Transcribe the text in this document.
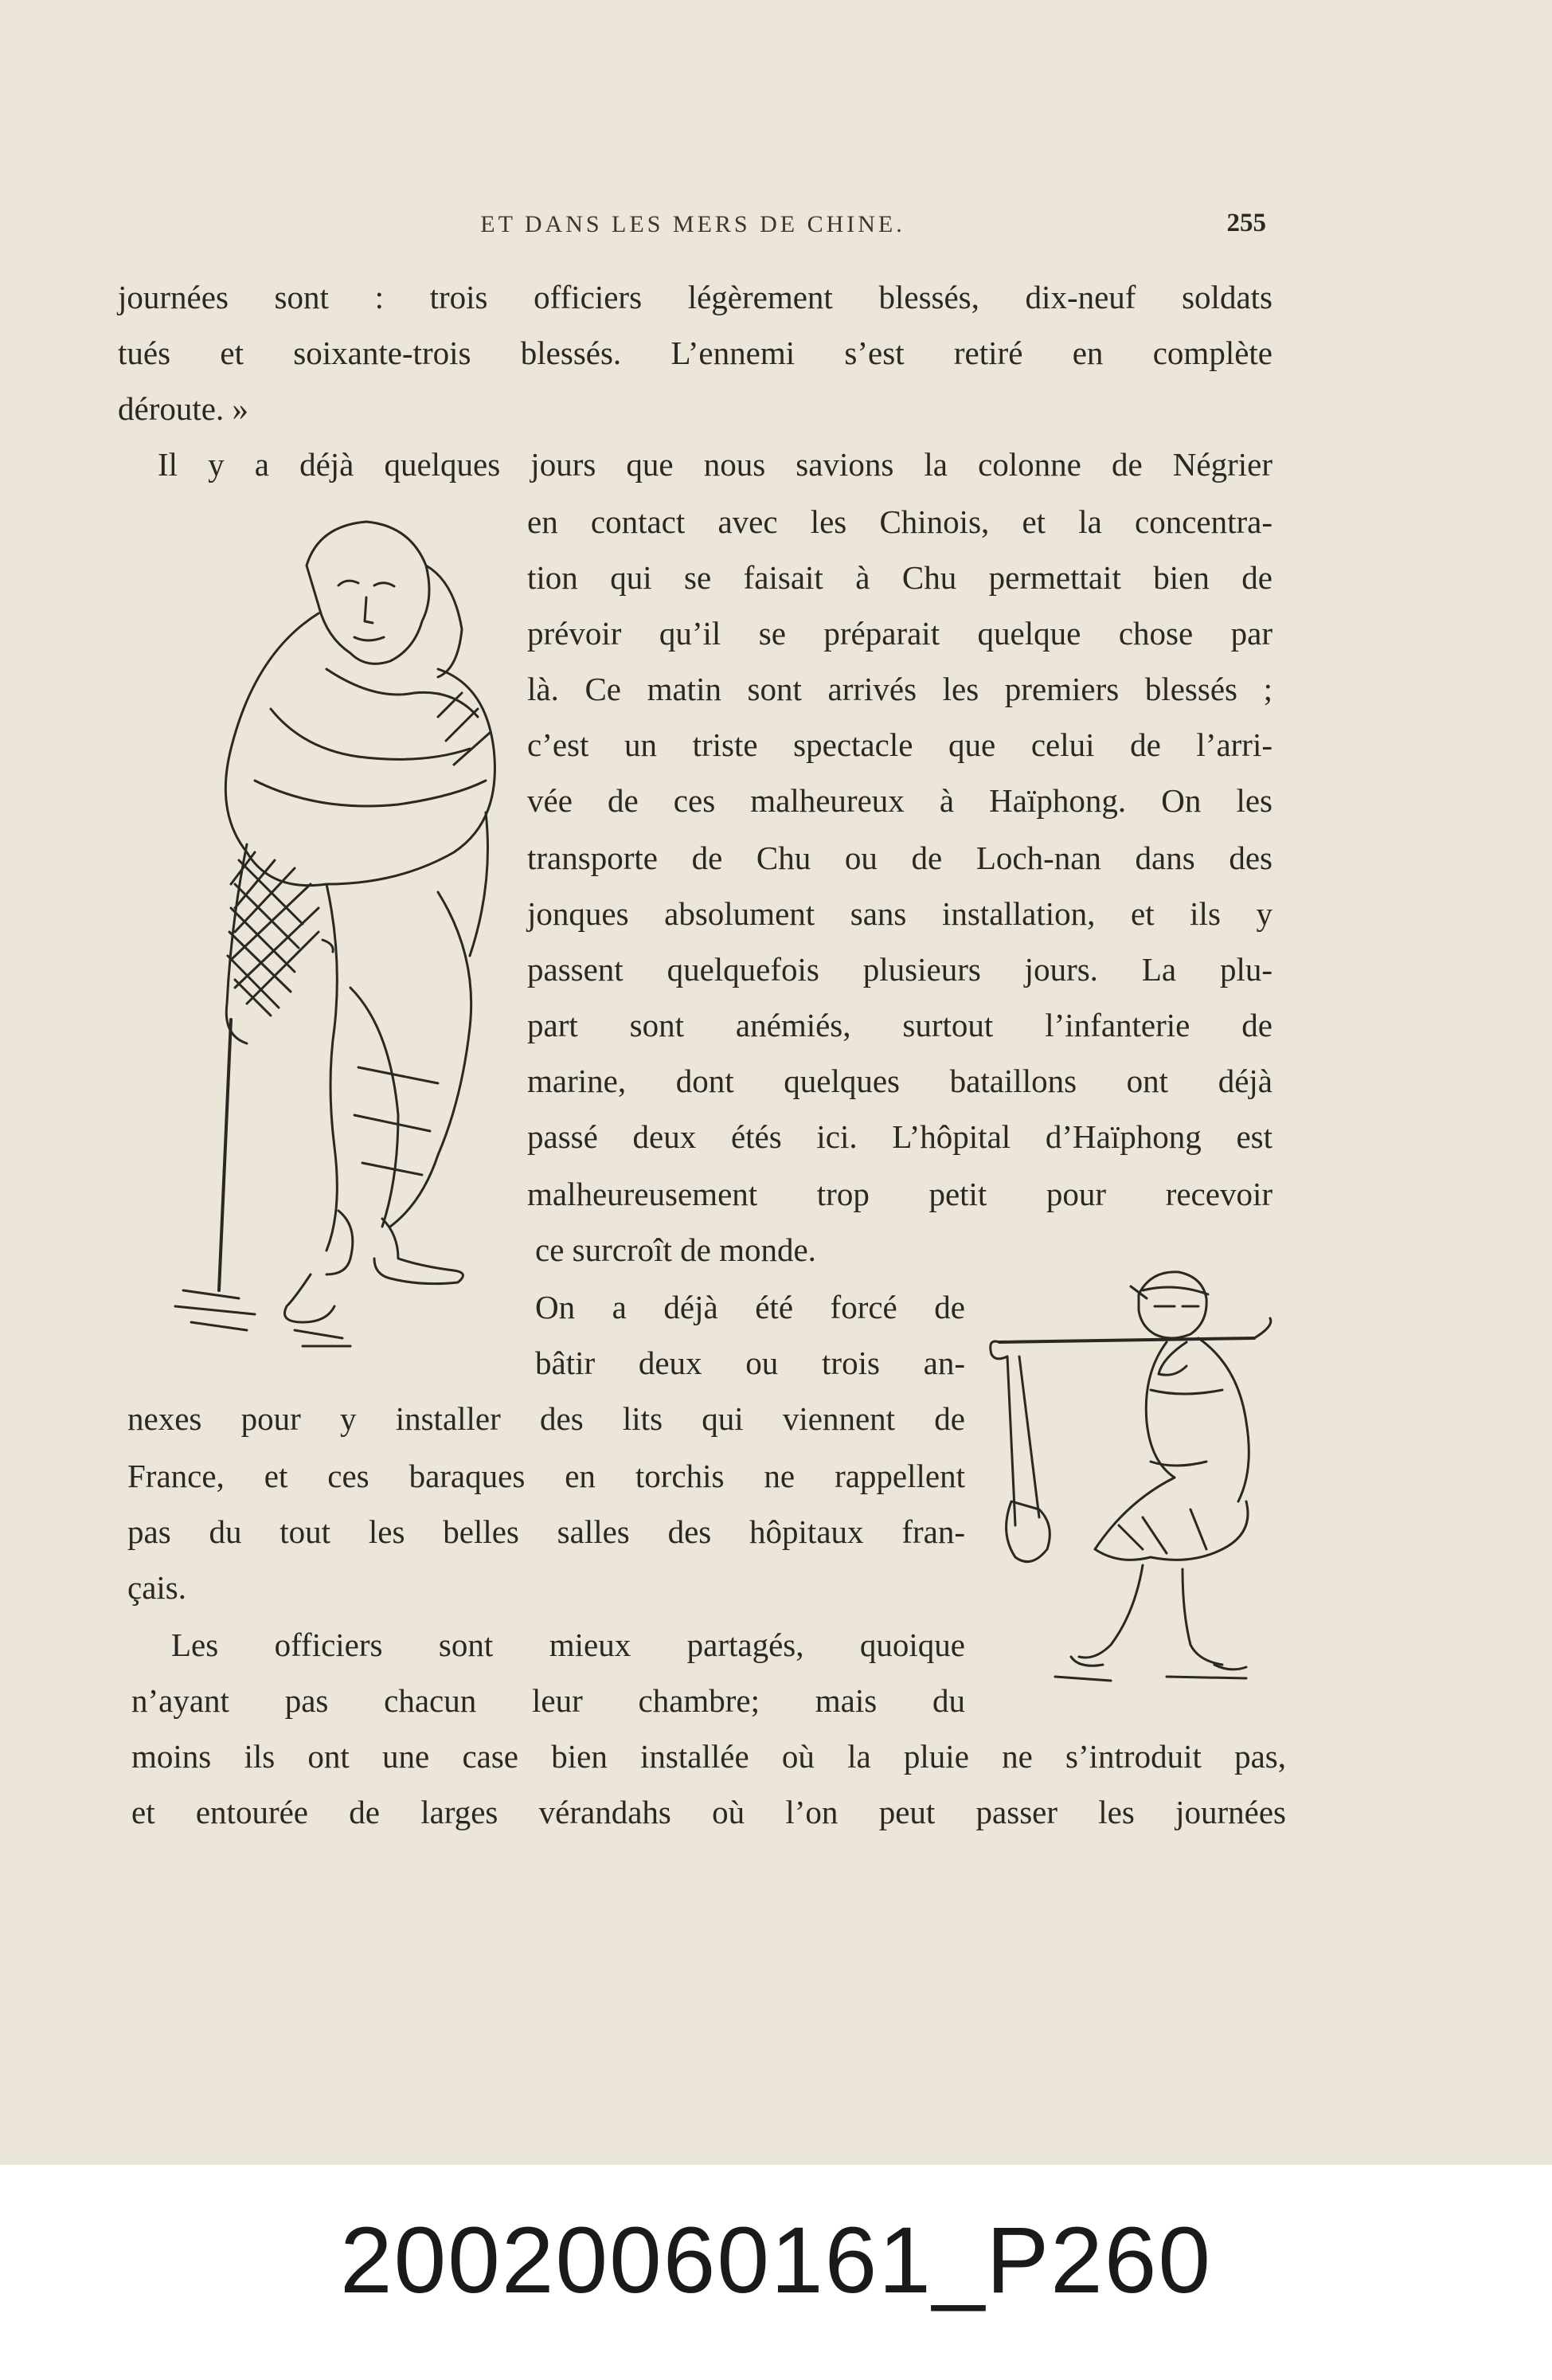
ET DANS LES MERS DE CHINE.	255
journées sont : trois officiers légèrement blessés, dix-neuf soldats
tués et soixante-trois blessés. L’ennemi s’est retiré en complète
déroute. »
Il y a déjà quelques jours que nous savions la colonne de Négrier
en contact avec les Chinois, et la concentra-
tion qui se faisait à Chu permettait bien de
prévoir qu’il se préparait quelque chose par
là. Ce matin sont arrivés les premiers blessés ;
c’est un triste spectacle que celui de l’arri-
vée de ces malheureux à Haïphong. On les
transporte de Chu ou de Loch-nan dans des
jonques absolument sans installation, et ils y
passent quelquefois plusieurs jours. La plu-
part sont anémiés, surtout l’infanterie de
marine, dont quelques bataillons ont déjà
passé deux étés ici. L’hôpital d’Haïphong est
malheureusement trop petit pour recevoir
ce surcroît de monde.
On a déjà été forcé de
bâtir deux ou trois an-
nexes pour y installer des lits qui viennent de
France, et ces baraques en torchis ne rappellent
pas du tout les belles salles des hôpitaux fran-
çais.
Les officiers sont mieux partagés, quoique
n’ayant pas chacun leur chambre; mais du
moins ils ont une case bien installée où la pluie ne s’introduit pas,
et entourée de larges vérandahs où l’on peut passer les journées
20020060161_P260
